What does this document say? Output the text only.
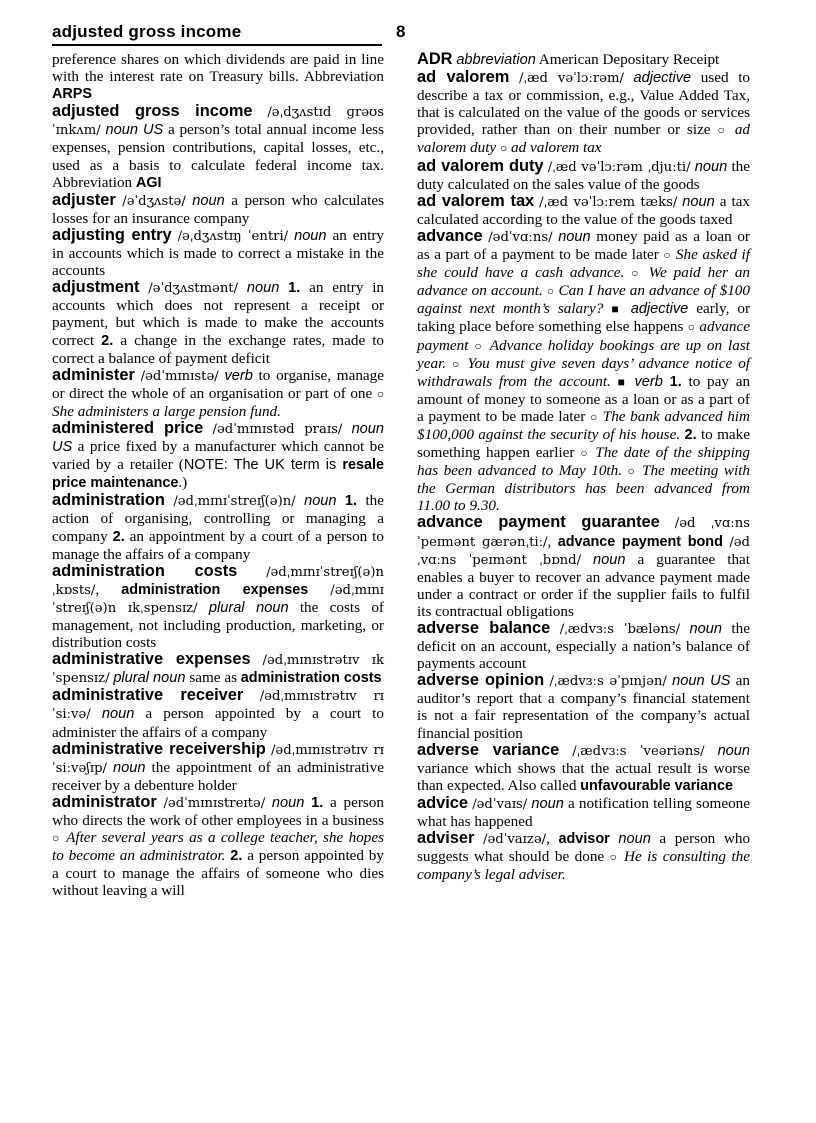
adjusted gross income	8
preference shares on which dividends are paid in line with the interest rate on Treasury bills. Abbreviation ARPS
adjusted gross income /əˌdʒʌstɪd ɡrəʊs ˈɪnkʌm/ noun US a person’s total annual income less expenses, pension contributions, capital losses, etc., used as a basis to calculate federal income tax. Abbreviation AGI
adjuster /əˈdʒʌstə/ noun a person who calculates losses for an insurance company
adjusting entry /əˌdʒʌstɪŋ ˈentri/ noun an entry in accounts which is made to correct a mistake in the accounts
adjustment /əˈdʒʌstmənt/ noun 1. an entry in accounts which does not represent a receipt or payment, but which is made to make the accounts correct 2. a change in the exchange rates, made to correct a balance of payment deficit
administer /ədˈmɪnɪstə/ verb to organise, manage or direct the whole of an organisation or part of one ○ She administers a large pension fund.
administered price /ədˈmɪnɪstəd praɪs/ noun US a price fixed by a manufacturer which cannot be varied by a retailer (NOTE: The UK term is resale price maintenance.)
administration /ədˌmɪnɪˈstreɪʃ(ə)n/ noun 1. the action of organising, controlling or managing a company 2. an appointment by a court of a person to manage the affairs of a company
administration costs /ədˌmɪnɪˈstreɪʃ(ə)n ˌkɒsts/, administration expenses /ədˌmɪnɪˈstreɪʃ(ə)n ɪkˌspensɪz/ plural noun the costs of management, not including production, marketing, or distribution costs
administrative expenses /ədˌmɪnɪstrətɪv ɪkˈspensɪz/ plural noun same as administration costs
administrative receiver /ədˌmɪnɪstrətɪv rɪˈsiːvə/ noun a person appointed by a court to administer the affairs of a company
administrative receivership /ədˌmɪnɪstrətɪv rɪˈsiːvəʃɪp/ noun the appointment of an administrative receiver by a debenture holder
administrator /ədˈmɪnɪstreɪtə/ noun 1. a person who directs the work of other employees in a business ○ After several years as a college teacher, she hopes to become an administrator. 2. a person appointed by a court to manage the affairs of someone who dies without leaving a will
ADR abbreviation American Depositary Receipt
ad valorem /ˌæd vəˈlɔːrəm/ adjective used to describe a tax or commission, e.g., Value Added Tax, that is calculated on the value of the goods or services provided, rather than on their number or size ○ ad valorem duty ○ ad valorem tax
ad valorem duty /ˌæd vəˈlɔːrəm ˌdjuːti/ noun the duty calculated on the sales value of the goods
ad valorem tax /ˌæd vəˈlɔːrem tæks/ noun a tax calculated according to the value of the goods taxed
advance /ədˈvɑːns/ noun money paid as a loan or as a part of a payment to be made later ○ She asked if she could have a cash advance. ○ We paid her an advance on account. ○ Can I have an advance of $100 against next month’s salary? ■ adjective early, or taking place before something else happens ○ advance payment ○ Advance holiday bookings are up on last year. ○ You must give seven days’ advance notice of withdrawals from the account. ■ verb 1. to pay an amount of money to someone as a loan or as a part of a payment to be made later ○ The bank advanced him $100,000 against the security of his house. 2. to make something happen earlier ○ The date of the shipping has been advanced to May 10th. ○ The meeting with the German distributors has been advanced from 11.00 to 9.30.
advance payment guarantee /əd ˌvɑːns ˈpeɪmənt ɡærənˌtiː/, advance payment bond /ədˌvɑːns ˈpeɪmənt ˌbɒnd/ noun a guarantee that enables a buyer to recover an advance payment made under a contract or order if the supplier fails to fulfil its contractual obligations
adverse balance /ˌædvɜːs ˈbæləns/ noun the deficit on an account, especially a nation’s balance of payments account
adverse opinion /ˌædvɜːs əˈpɪnjən/ noun US an auditor’s report that a company’s financial statement is not a fair representation of the company’s actual financial position
adverse variance /ˌædvɜːs ˈveəriəns/ noun variance which shows that the actual result is worse than expected. Also called unfavourable variance
advice /ədˈvaɪs/ noun a notification telling someone what has happened
adviser /ədˈvaɪzə/, advisor noun a person who suggests what should be done ○ He is consulting the company’s legal adviser.
